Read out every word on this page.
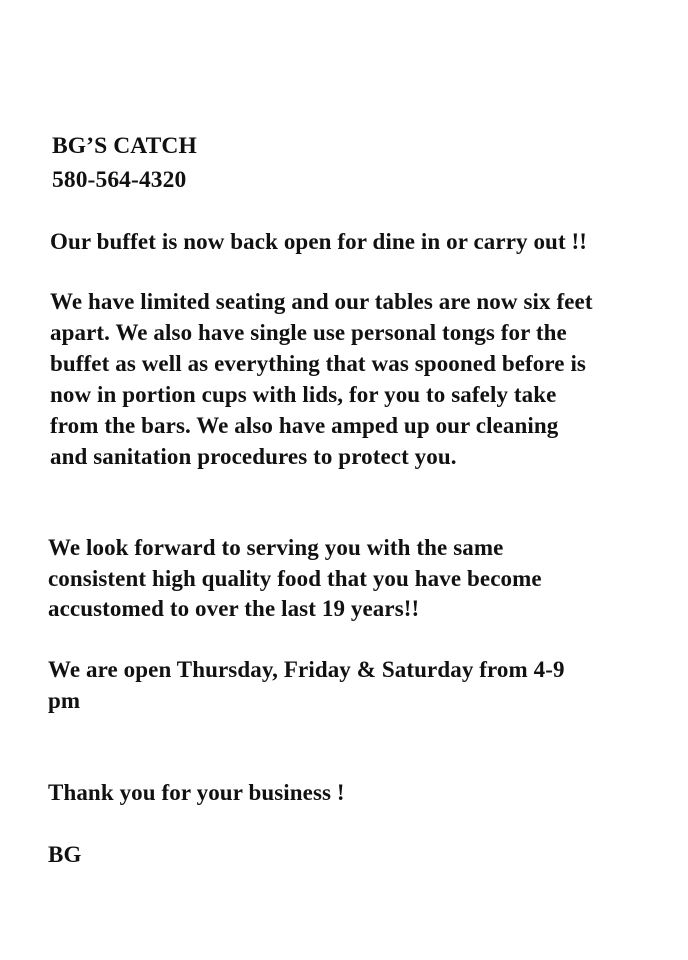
BG’S CATCH
580-564-4320
Our buffet is now back open for dine in or carry out !!
We have limited seating and our tables are now six feet
apart. We also have single use personal tongs for the
buffet as well as everything that was spooned before is
now in portion cups with lids, for you to safely take
from the bars. We also have amped up our cleaning
and sanitation procedures to protect you.
We look forward to serving you with the same
consistent high quality food that you have become
accustomed to over the last 19 years!!
We are open Thursday, Friday & Saturday from 4-9
pm
Thank you for your business !
BG
